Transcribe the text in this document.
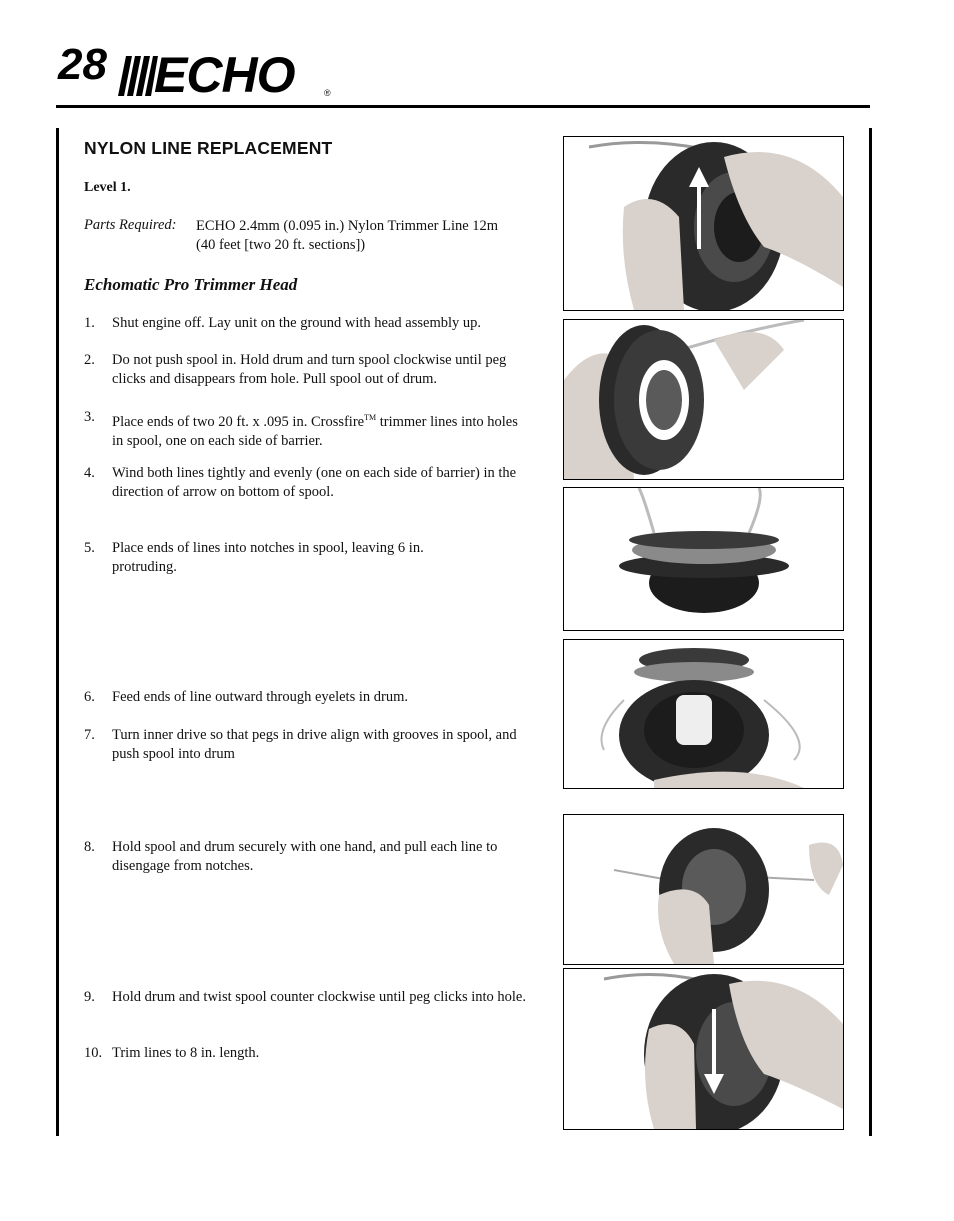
28 ECHO	®
NYLON LINE REPLACEMENT
Level 1.
Parts Required: ECHO 2.4mm (0.095 in.) Nylon Trimmer Line 12m
(40 feet [two 20 ft. sections])
Echomatic Pro Trimmer Head
1. Shut engine off. Lay unit on the ground with head assembly up.
2. Do not push spool in. Hold drum and turn spool clockwise until peg clicks and disappears from hole. Pull spool out of drum.
3. Place ends of two 20 ft. x .095 in. Crossfire™ trimmer lines into holes in spool, one on each side of barrier.
4. Wind both lines tightly and evenly (one on each side of barrier) in the direction of arrow on bottom of spool.
5. Place ends of lines into notches in spool, leaving 6 in. protruding.
6. Feed ends of line outward through eyelets in drum.
7. Turn inner drive so that pegs in drive align with grooves in spool, and push spool into drum
8. Hold spool and drum securely with one hand, and pull each line to disengage from notches.
9. Hold drum and twist spool counter clockwise until peg clicks into hole.
10. Trim lines to 8 in. length.
